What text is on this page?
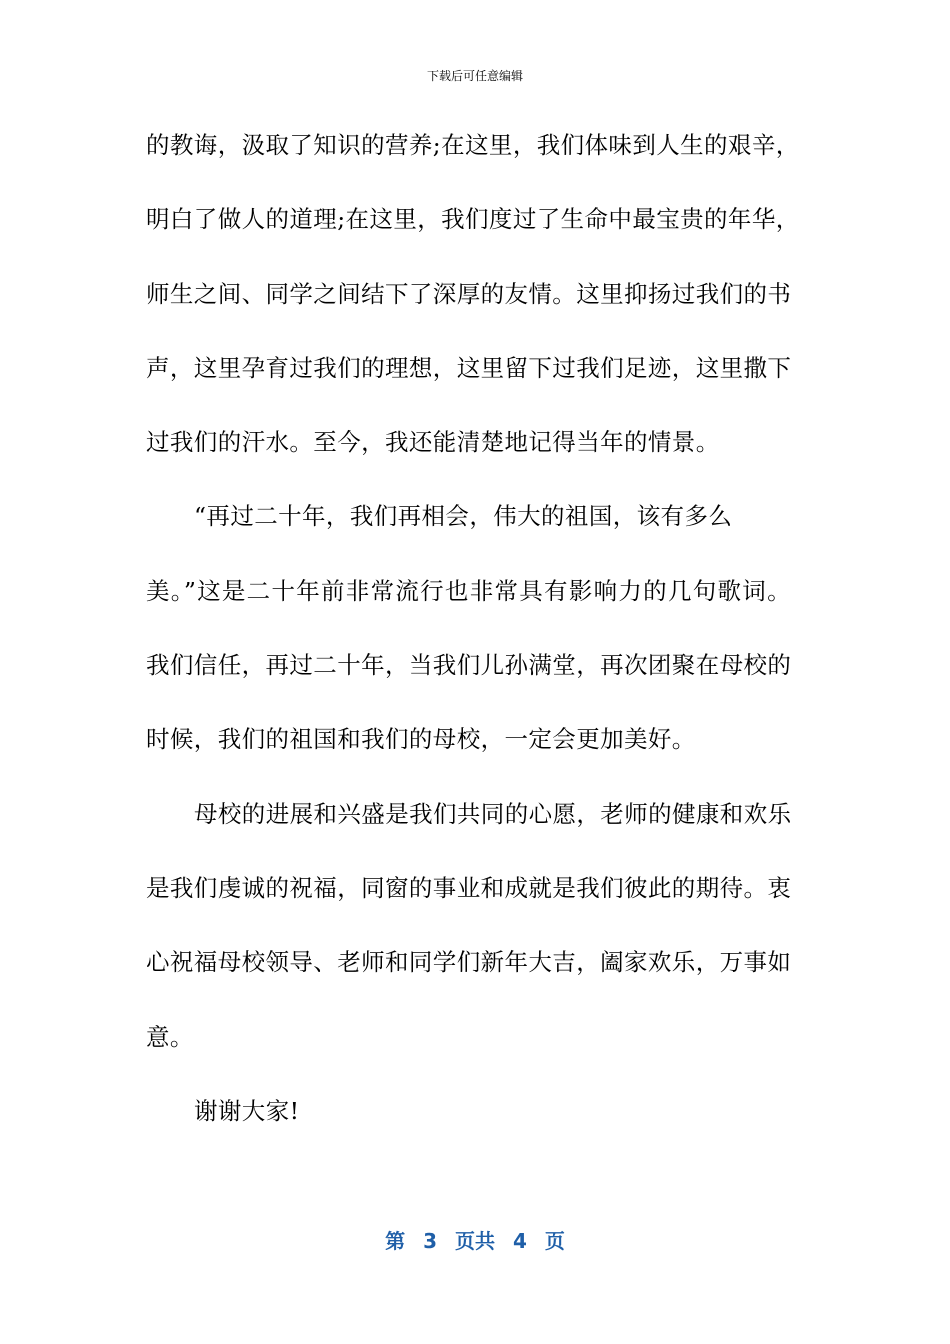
下载后可任意编辑
的教诲，汲取了知识的营养;在这里，我们体味到人生的艰辛，
明白了做人的道理;在这里，我们度过了生命中最宝贵的年华，
师生之间、同学之间结下了深厚的友情。这里抑扬过我们的书
声，这里孕育过我们的理想，这里留下过我们足迹，这里撒下
过我们的汗水。至今，我还能清楚地记得当年的情景。
“再过二十年，我们再相会，伟大的祖国，该有多么
美。”这是二十年前非常流行也非常具有影响力的几句歌词。
我们信任，再过二十年，当我们儿孙满堂，再次团聚在母校的
时候，我们的祖国和我们的母校，一定会更加美好。
母校的进展和兴盛是我们共同的心愿，老师的健康和欢乐
是我们虔诚的祝福，同窗的事业和成就是我们彼此的期待。衷
心祝福母校领导、老师和同学们新年大吉，阖家欢乐，万事如
意。
谢谢大家!
第 3 页共 4 页
